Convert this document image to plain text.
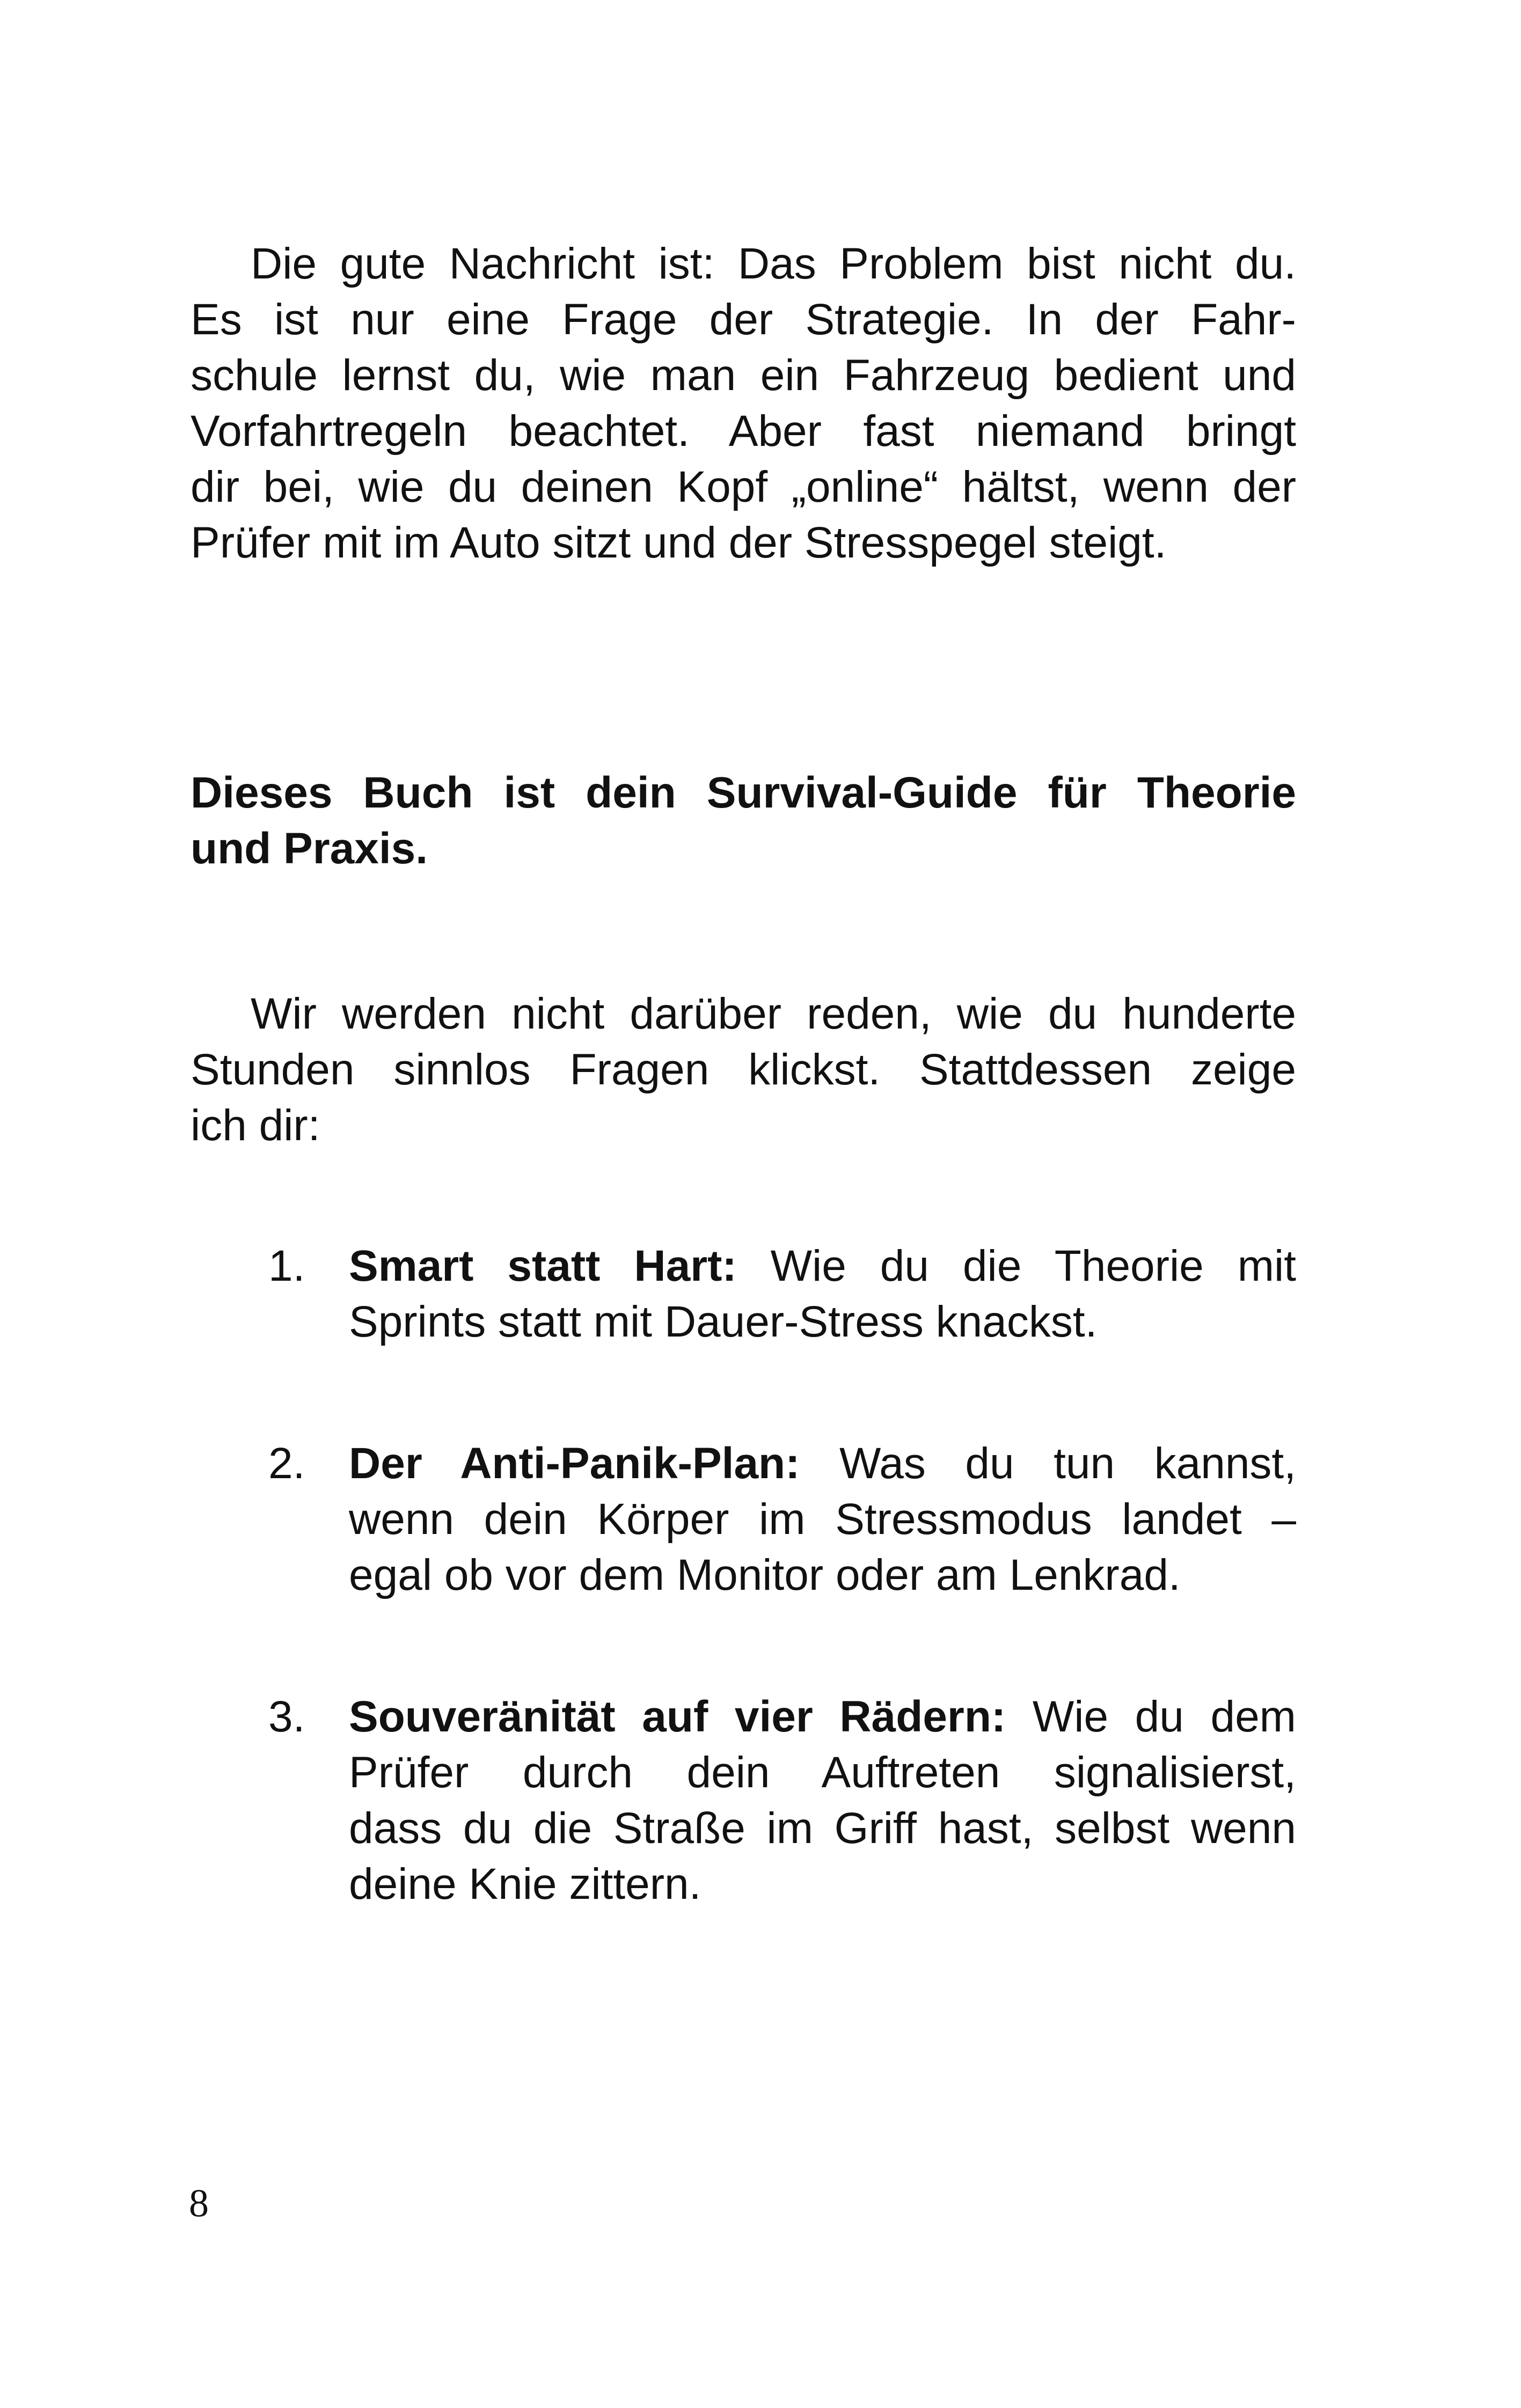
Die gute Nachricht ist: Das Problem bist nicht du.
Es ist nur eine Frage der Strategie. In der Fahr-
schule lernst du, wie man ein Fahrzeug bedient und
Vorfahrtregeln beachtet. Aber fast niemand bringt
dir bei, wie du deinen Kopf „online“ hältst, wenn der
Prüfer mit im Auto sitzt und der Stresspegel steigt.

Dieses Buch ist dein Survival-Guide für Theorie
und Praxis.

Wir werden nicht darüber reden, wie du hunderte
Stunden sinnlos Fragen klickst. Stattdessen zeige
ich dir:

1. Smart statt Hart: Wie du die Theorie mit
Sprints statt mit Dauer-Stress knackst.
2. Der Anti-Panik-Plan: Was du tun kannst,
wenn dein Körper im Stressmodus landet –
egal ob vor dem Monitor oder am Lenkrad.
3. Souveränität auf vier Rädern: Wie du dem
Prüfer durch dein Auftreten signalisierst,
dass du die Straße im Griff hast, selbst wenn
deine Knie zittern.
8
